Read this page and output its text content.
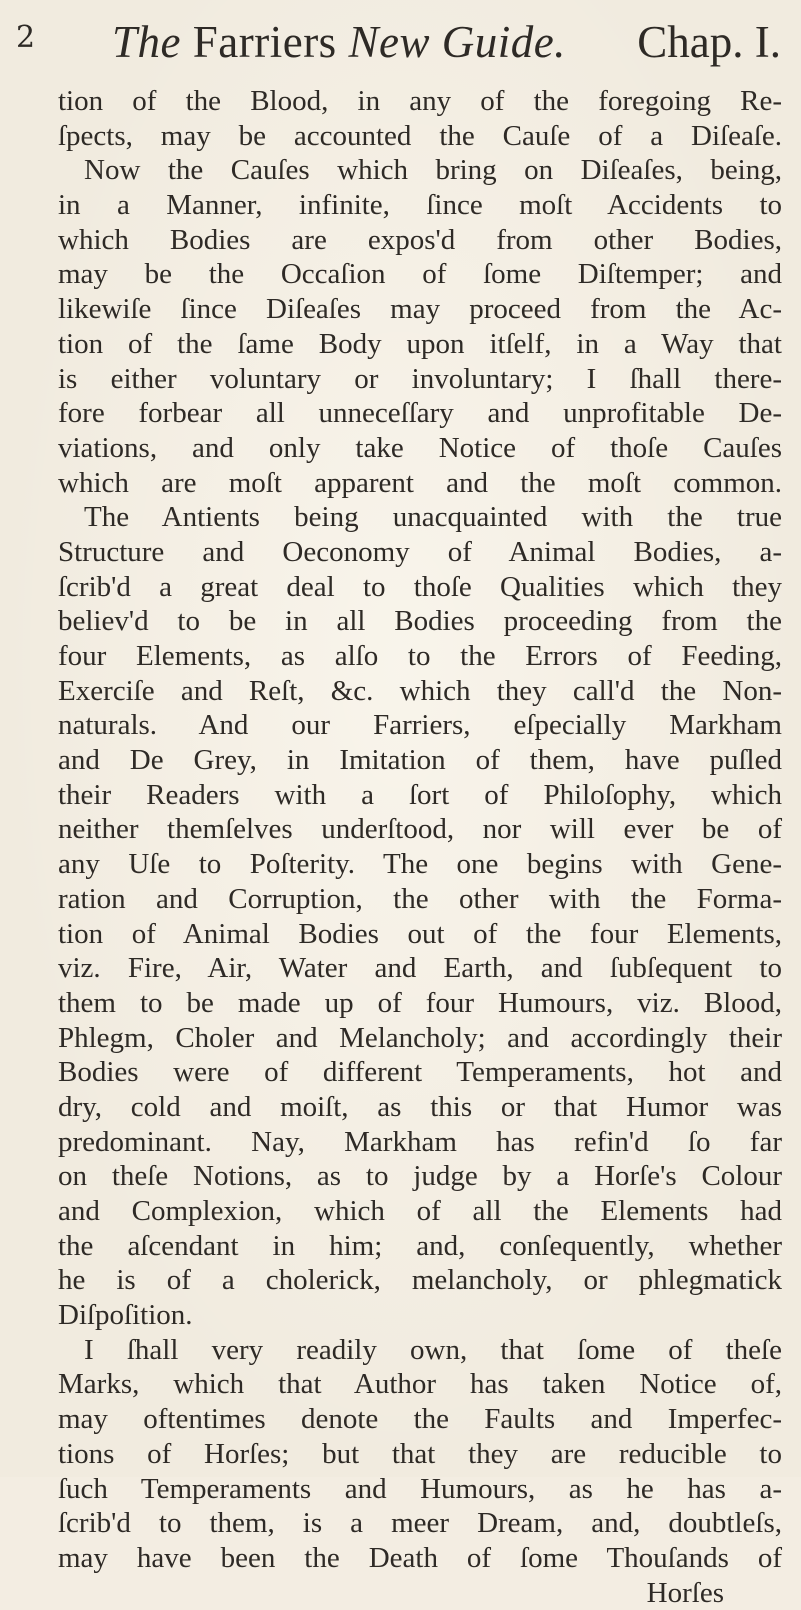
2 The Farriers New Guide. Chap. I.
tion of the Blood, in any of the foregoing Re-
ſpects, may be accounted the Cauſe of a Diſeaſe.
Now the Cauſes which bring on Diſeaſes, being,
in a Manner, infinite, ſince moſt Accidents to
which Bodies are expos'd from other Bodies,
may be the Occaſion of ſome Diſtemper; and
likewiſe ſince Diſeaſes may proceed from the Ac-
tion of the ſame Body upon itſelf, in a Way that
is either voluntary or involuntary; I ſhall there-
fore forbear all unneceſſary and unprofitable De-
viations, and only take Notice of thoſe Cauſes
which are moſt apparent and the moſt common.
The Antients being unacquainted with the true
Structure and Oeconomy of Animal Bodies, a-
ſcrib'd a great deal to thoſe Qualities which they
believ'd to be in all Bodies proceeding from the
four Elements, as alſo to the Errors of Feeding,
Exerciſe and Reſt, &c. which they call'd the Non-
naturals. And our Farriers, eſpecially Markham
and De Grey, in Imitation of them, have puſled
their Readers with a ſort of Philoſophy, which
neither themſelves underſtood, nor will ever be of
any Uſe to Poſterity. The one begins with Gene-
ration and Corruption, the other with the Forma-
tion of Animal Bodies out of the four Elements,
viz. Fire, Air, Water and Earth, and ſubſequent to
them to be made up of four Humours, viz. Blood,
Phlegm, Choler and Melancholy; and accordingly their
Bodies were of different Temperaments, hot and
dry, cold and moiſt, as this or that Humor was
predominant. Nay, Markham has refin'd ſo far
on theſe Notions, as to judge by a Horſe's Colour
and Complexion, which of all the Elements had
the aſcendant in him; and, conſequently, whether
he is of a cholerick, melancholy, or phlegmatick
Diſpoſition.
I ſhall very readily own, that ſome of theſe
Marks, which that Author has taken Notice of,
may oftentimes denote the Faults and Imperfec-
tions of Horſes; but that they are reducible to
ſuch Temperaments and Humours, as he has a-
ſcrib'd to them, is a meer Dream, and, doubtleſs,
may have been the Death of ſome Thouſands of
Horſes
